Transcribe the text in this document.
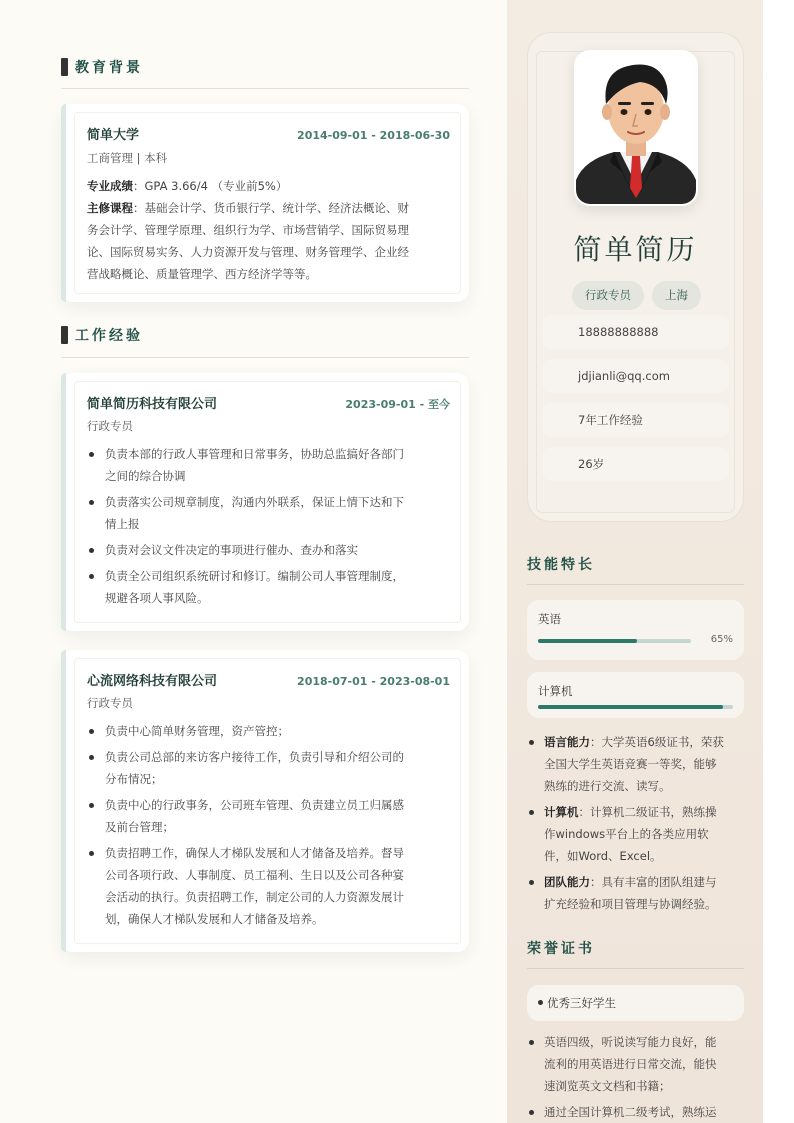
教育背景
简单大学	2014-09-01 - 2018-06-30
工商管理 | 本科
专业成绩：GPA 3.66/4 （专业前5%）
主修课程：基础会计学、货币银行学、统计学、经济法概论、财
务会计学、管理学原理、组织行为学、市场营销学、国际贸易理
论、国际贸易实务、人力资源开发与管理、财务管理学、企业经
营战略概论、质量管理学、西方经济学等等。
工作经验
简单简历科技有限公司	2023-09-01 - 至今
行政专员
负责本部的行政人事管理和日常事务，协助总监搞好各部门
之间的综合协调
负责落实公司规章制度，沟通内外联系，保证上情下达和下
情上报
负责对会议文件决定的事项进行催办、查办和落实
负责全公司组织系统研讨和修订。编制公司人事管理制度，
规避各项人事风险。
心流网络科技有限公司	2018-07-01 - 2023-08-01
行政专员
负责中心简单财务管理，资产管控；
负责公司总部的来访客户接待工作，负责引导和介绍公司的
分布情况；
负责中心的行政事务，公司班车管理、负责建立员工归属感
及前台管理；
负责招聘工作，确保人才梯队发展和人才储备及培养。督导
公司各项行政、人事制度、员工福利、生日以及公司各种宴
会活动的执行。负责招聘工作，制定公司的人力资源发展计
划，确保人才梯队发展和人才储备及培养。
简单简历
行政专员	上海
18888888888
jdjianli@qq.com
7年工作经验
26岁
技能特长
英语
65%
计算机
语言能力：大学英语6级证书，荣获
全国大学生英语竞赛一等奖，能够
熟练的进行交流、读写。
计算机：计算机二级证书，熟练操
作windows平台上的各类应用软
件，如Word、Excel。
团队能力：具有丰富的团队组建与
扩充经验和项目管理与协调经验。
荣誉证书
优秀三好学生
英语四级，听说读写能力良好，能
流利的用英语进行日常交流，能快
速浏览英文文档和书籍；
通过全国计算机二级考试，熟练运
